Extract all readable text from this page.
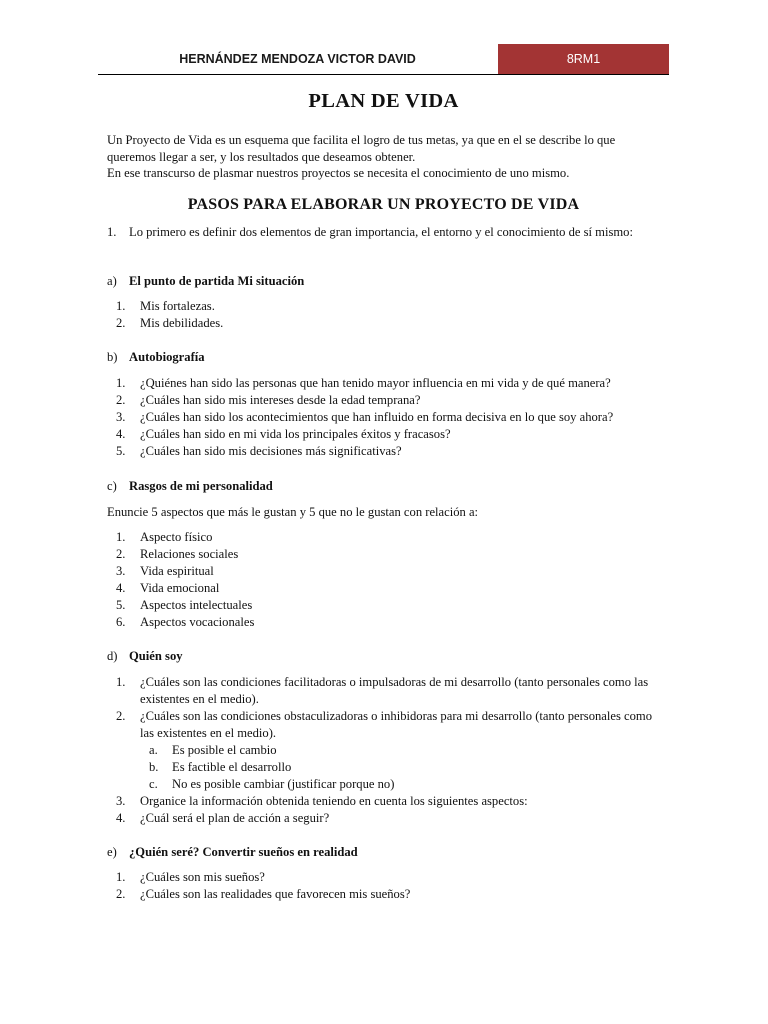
HERNÁNDEZ MENDOZA VICTOR DAVID	8RM1
PLAN DE VIDA

Un Proyecto de Vida es un esquema que facilita el logro de tus metas, ya que en el se describe lo que queremos llegar a ser, y los resultados que deseamos obtener.

En ese transcurso de plasmar nuestros proyectos se necesita el conocimiento de uno mismo.

PASOS PARA ELABORAR UN PROYECTO DE VIDA
1. Lo primero es definir dos elementos de gran importancia, el entorno y el conocimiento de sí mismo:
a) El punto de partida Mi situación
1. Mis fortalezas.
2. Mis debilidades.
b) Autobiografía
1. ¿Quiénes han sido las personas que han tenido mayor influencia en mi vida y de qué manera?
2. ¿Cuáles han sido mis intereses desde la edad temprana?
3. ¿Cuáles han sido los acontecimientos que han influido en forma decisiva en lo que soy ahora?
4. ¿Cuáles han sido en mi vida los principales éxitos y fracasos?
5. ¿Cuáles han sido mis decisiones más significativas?
c) Rasgos de mi personalidad

Enuncie 5 aspectos que más le gustan y 5 que no le gustan con relación a:

1. Aspecto físico
2. Relaciones sociales
3. Vida espiritual
4. Vida emocional
5. Aspectos intelectuales
6. Aspectos vocacionales
d) Quién soy
1. ¿Cuáles son las condiciones facilitadoras o impulsadoras de mi desarrollo (tanto personales como las existentes en el medio).
2. ¿Cuáles son las condiciones obstaculizadoras o inhibidoras para mi desarrollo (tanto personales como las existentes en el medio).
a. Es posible el cambio
b. Es factible el desarrollo
c. No es posible cambiar (justificar porque no)
3. Organice la información obtenida teniendo en cuenta los siguientes aspectos:
4. ¿Cuál será el plan de acción a seguir?
e) ¿Quién seré? Convertir sueños en realidad
1. ¿Cuáles son mis sueños?
2. ¿Cuáles son las realidades que favorecen mis sueños?
